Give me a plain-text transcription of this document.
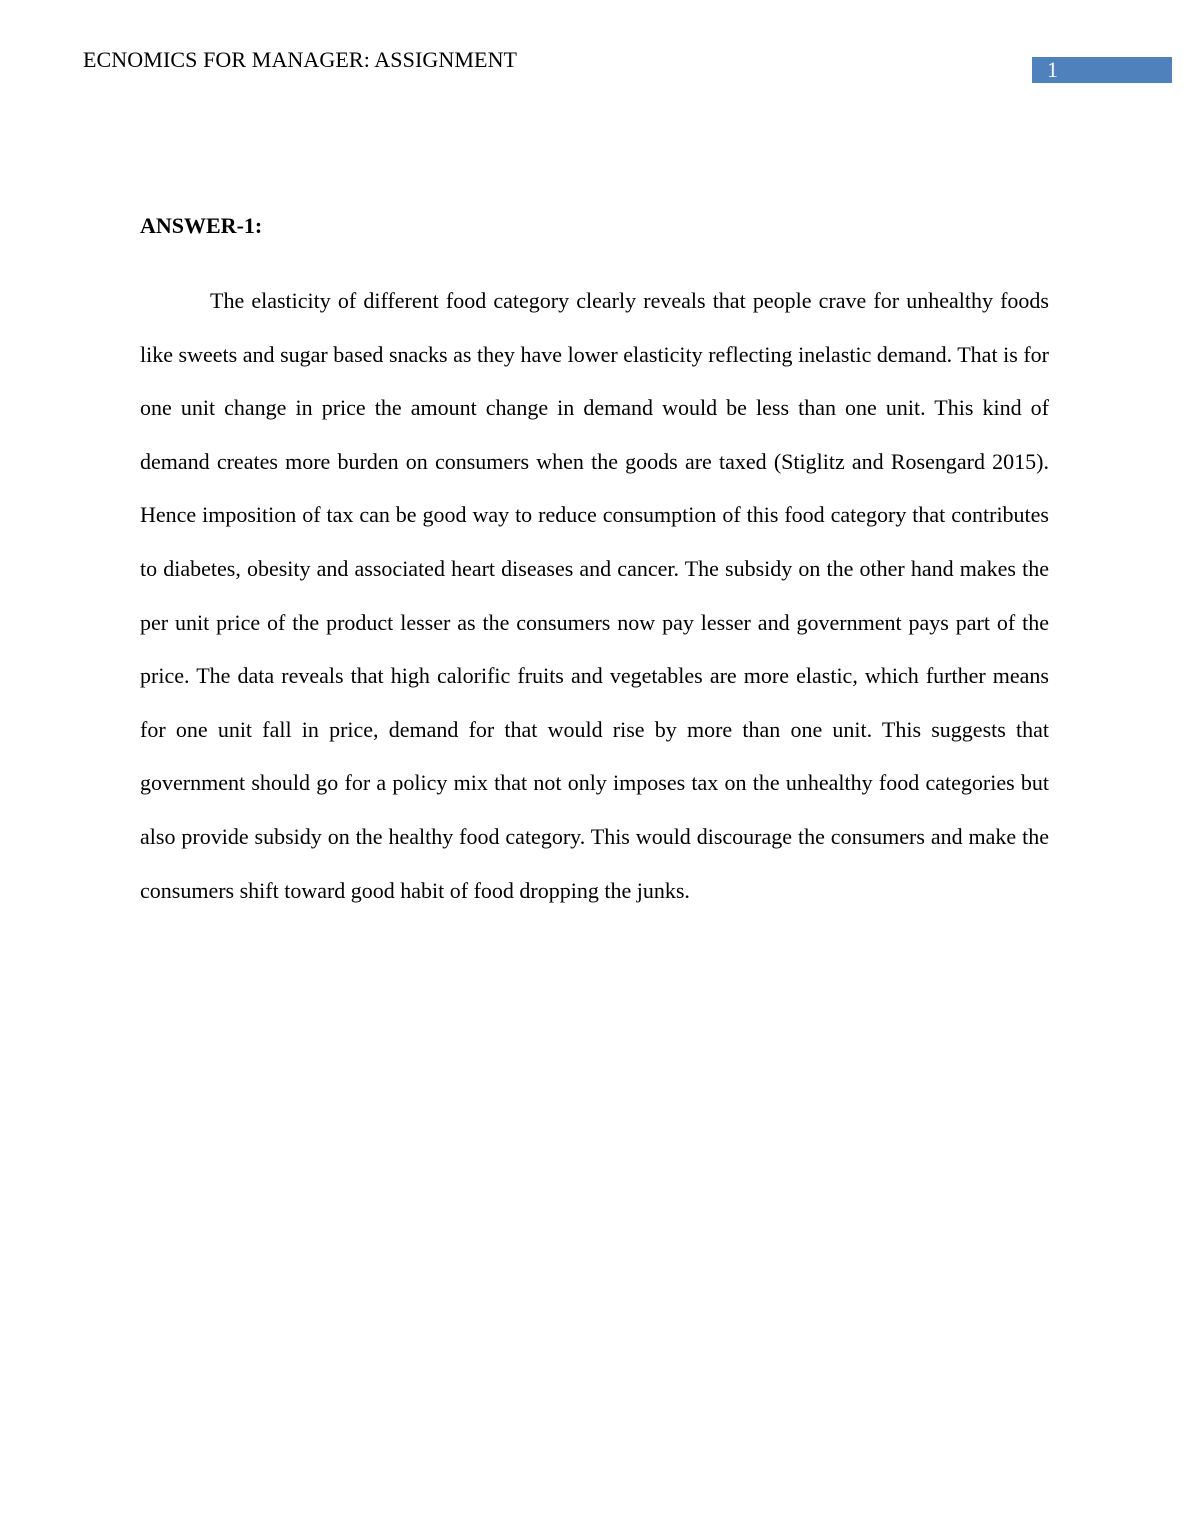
ECNOMICS FOR MANAGER: ASSIGNMENT	1
ANSWER-1:

The elasticity of different food category clearly reveals that people crave for unhealthy foods like sweets and sugar based snacks as they have lower elasticity reflecting inelastic demand. That is for one unit change in price the amount change in demand would be less than one unit. This kind of demand creates more burden on consumers when the goods are taxed (Stiglitz and Rosengard 2015). Hence imposition of tax can be good way to reduce consumption of this food category that contributes to diabetes, obesity and associated heart diseases and cancer. The subsidy on the other hand makes the per unit price of the product lesser as the consumers now pay lesser and government pays part of the price. The data reveals that high calorific fruits and vegetables are more elastic, which further means for one unit fall in price, demand for that would rise by more than one unit. This suggests that government should go for a policy mix that not only imposes tax on the unhealthy food categories but also provide subsidy on the healthy food category. This would discourage the consumers and make the consumers shift toward good habit of food dropping the junks.
